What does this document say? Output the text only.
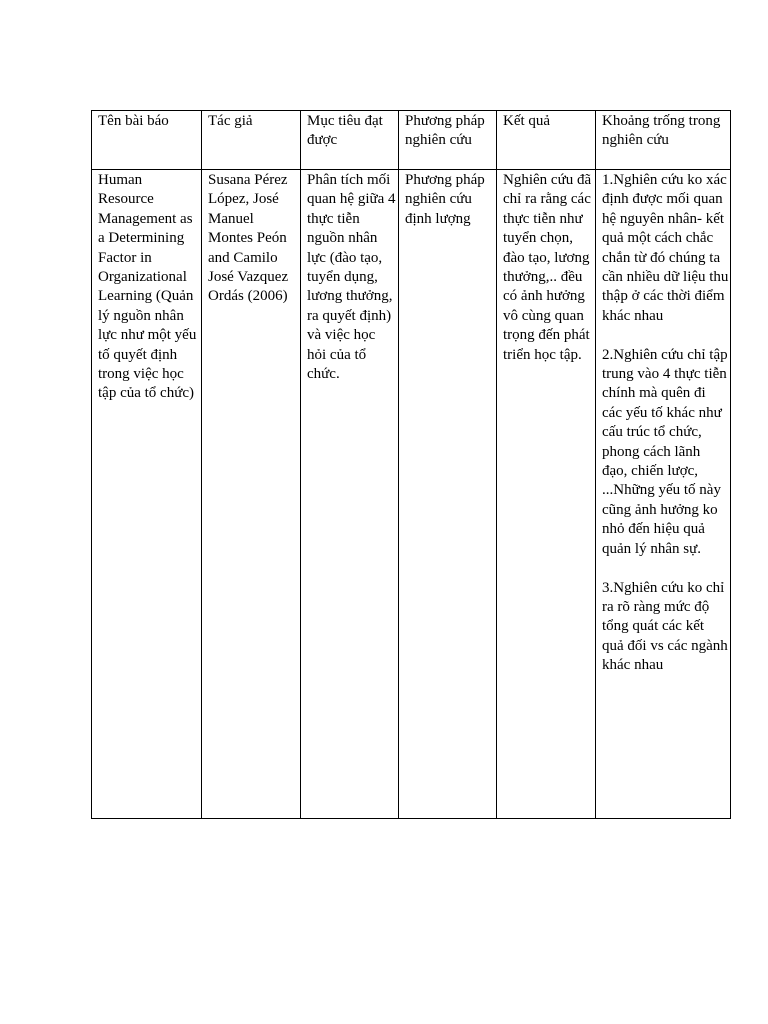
Tên bài báo	Tác giả	Mục tiêu đạt được	Phương pháp nghiên cứu	Kết quả	Khoảng trống trong nghiên cứu

Human Resource Management as a Determining Factor in Organizational Learning (Quản lý nguồn nhân lực như một yếu tố quyết định trong việc học tập của tổ chức)	Susana Pérez López, José Manuel Montes Peón and Camilo José Vazquez Ordás (2006)	Phân tích mối quan hệ giữa 4 thực tiễn nguồn nhân lực (đào tạo, tuyển dụng, lương thưởng, ra quyết định) và việc học hỏi của tổ chức.	Phương pháp nghiên cứu định lượng	Nghiên cứu đã chỉ ra rằng các thực tiễn như tuyển chọn, đào tạo, lương thưởng,.. đều có ảnh hưởng vô cùng quan trọng đến phát triển học tập.	1.Nghiên cứu ko xác định được mối quan hệ nguyên nhân- kết quả một cách chắc chắn từ đó chúng ta cần nhiều dữ liệu thu thập ở các thời điểm khác nhau
2.Nghiên cứu chỉ tập trung vào 4 thực tiễn chính mà quên đi các yếu tố khác như cấu trúc tổ chức, phong cách lãnh đạo, chiến lược, ...Những yếu tố này cũng ảnh hưởng ko nhỏ đến hiệu quả quản lý nhân sự.
3.Nghiên cứu ko chỉ ra rõ ràng mức độ tổng quát các kết quả đối vs các ngành khác nhau
